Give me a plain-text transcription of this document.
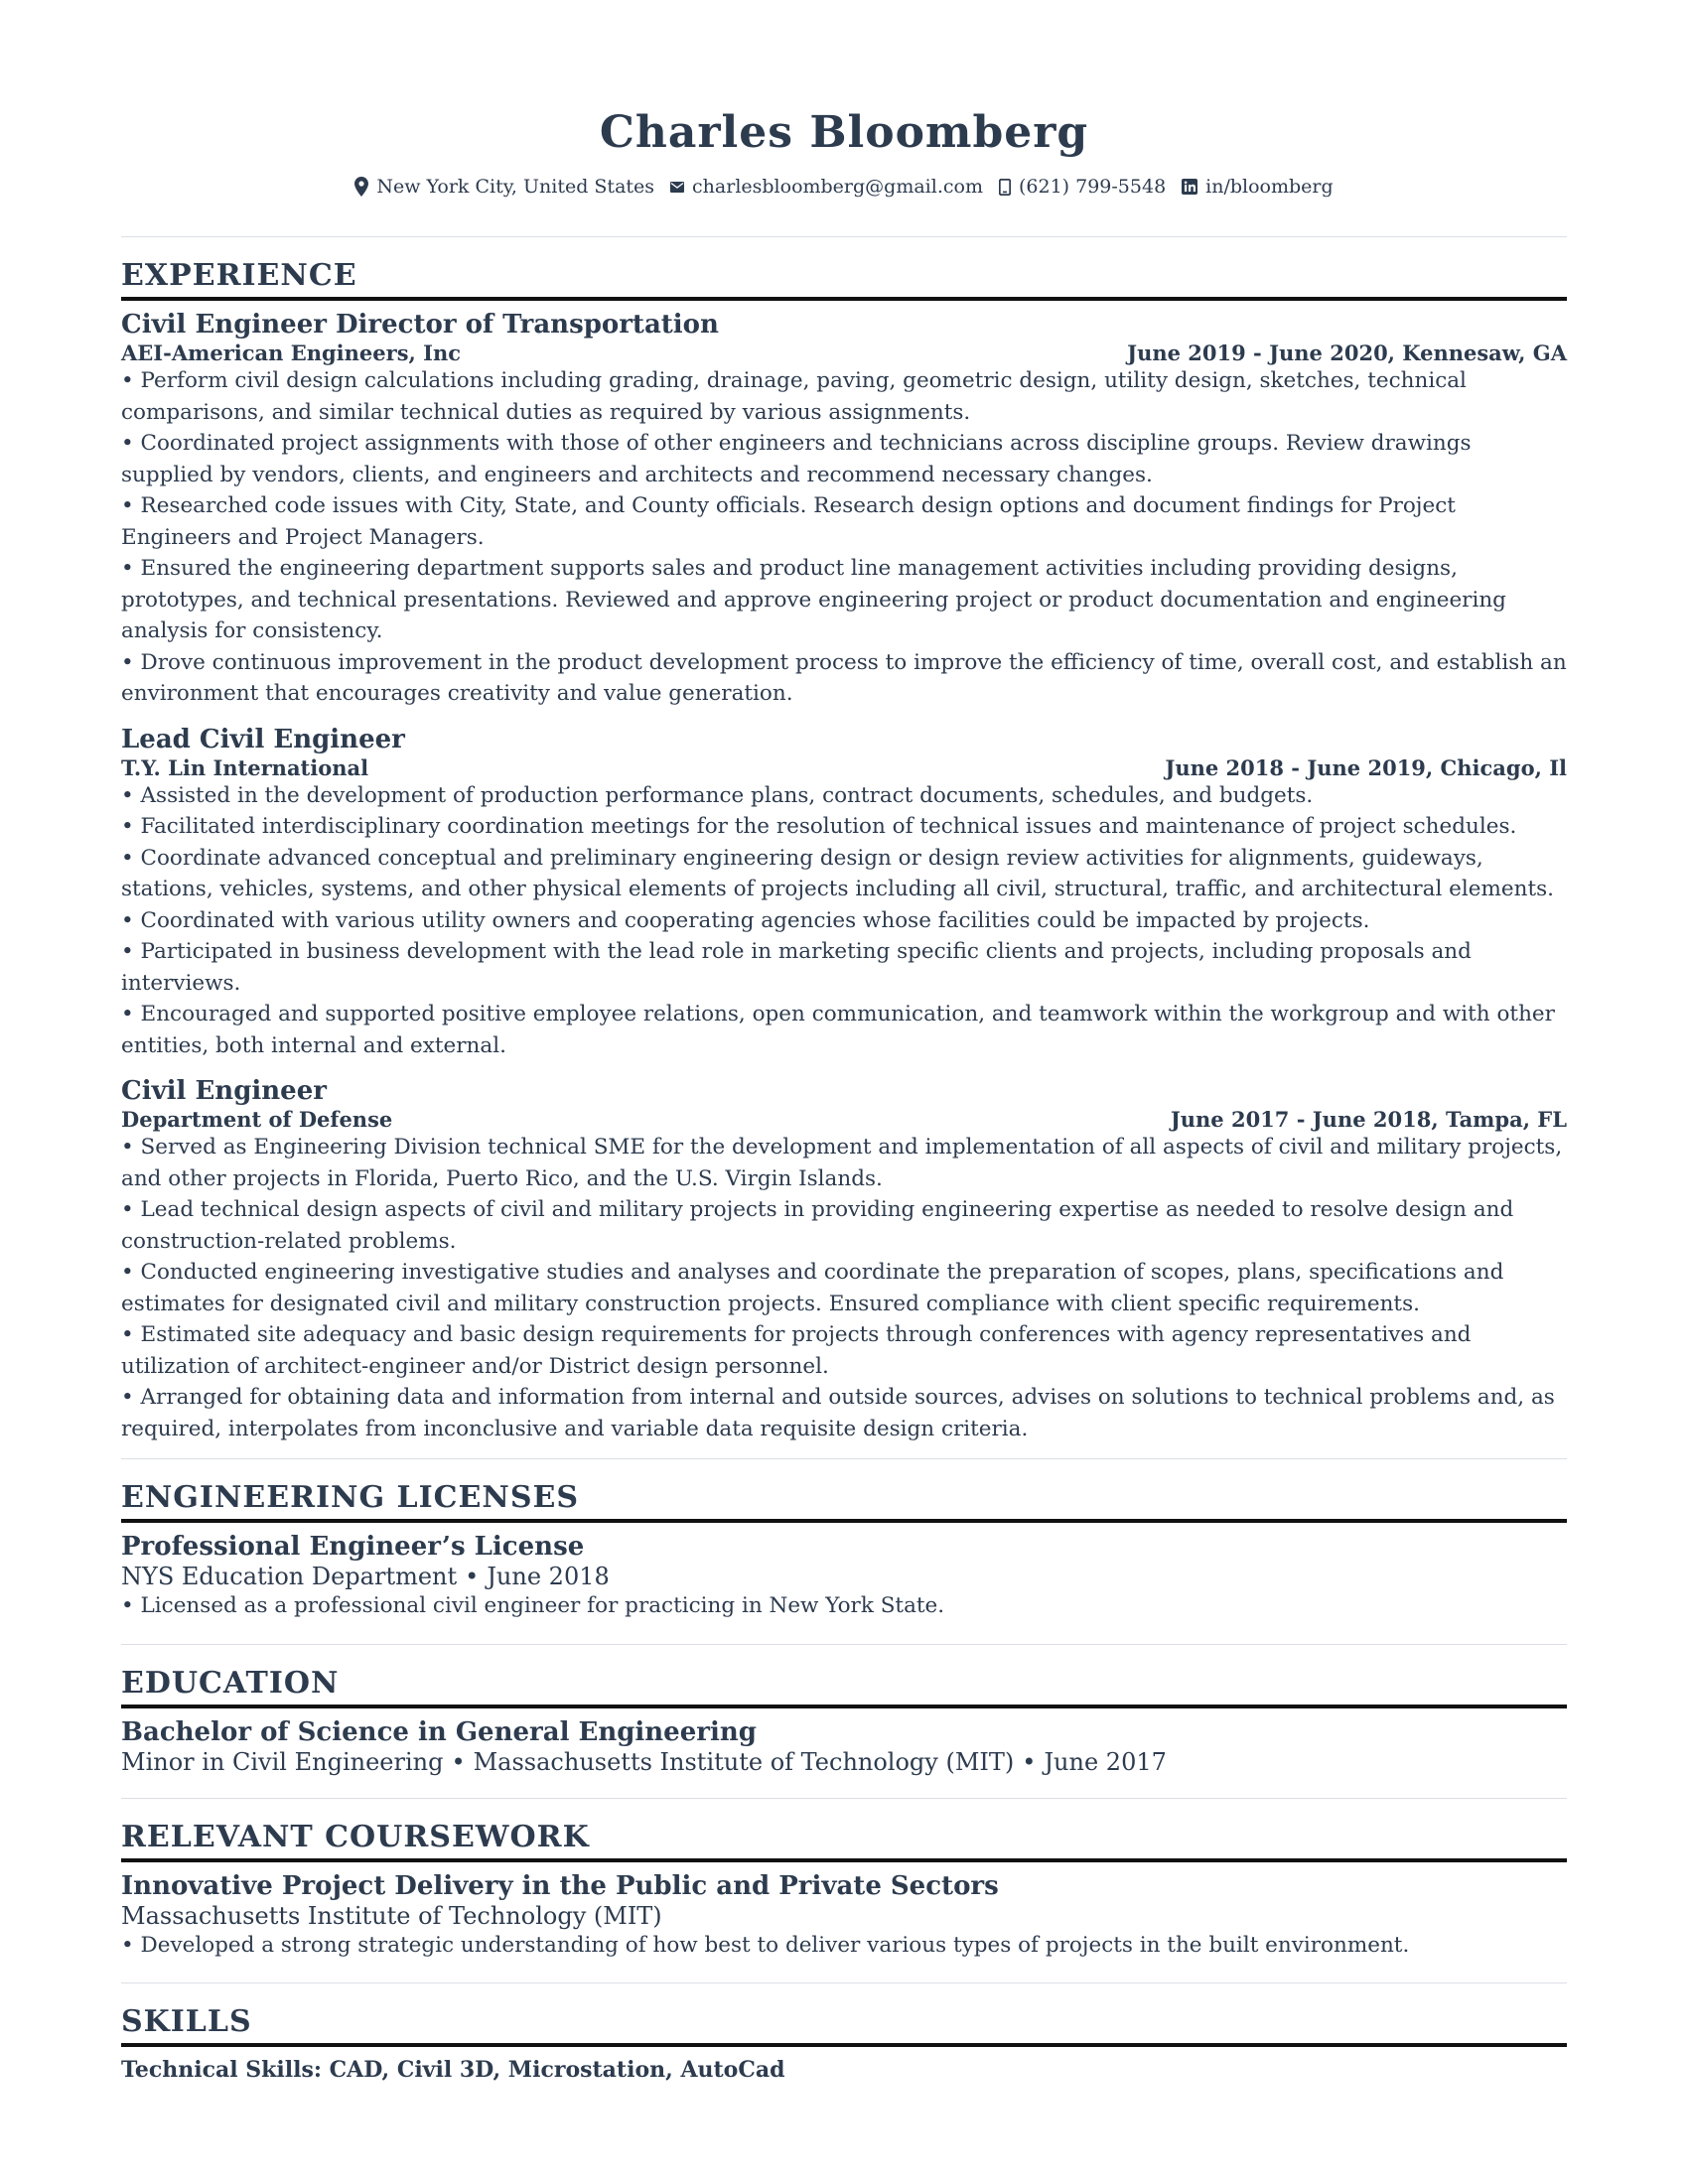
Charles Bloomberg
New York City, United States charlesbloomberg@gmail.com (621) 799-5548 in/bloomberg
EXPERIENCE
Civil Engineer Director of Transportation
AEI-American Engineers, Inc	June 2019 - June 2020, Kennesaw, GA
• Perform civil design calculations including grading, drainage, paving, geometric design, utility design, sketches, technical comparisons, and similar technical duties as required by various assignments.
• Coordinated project assignments with those of other engineers and technicians across discipline groups. Review drawings supplied by vendors, clients, and engineers and architects and recommend necessary changes.
• Researched code issues with City, State, and County officials. Research design options and document findings for Project Engineers and Project Managers.
• Ensured the engineering department supports sales and product line management activities including providing designs, prototypes, and technical presentations. Reviewed and approve engineering project or product documentation and engineering analysis for consistency.
• Drove continuous improvement in the product development process to improve the efficiency of time, overall cost, and establish an environment that encourages creativity and value generation.
Lead Civil Engineer
T.Y. Lin International	June 2018 - June 2019, Chicago, Il
• Assisted in the development of production performance plans, contract documents, schedules, and budgets.
• Facilitated interdisciplinary coordination meetings for the resolution of technical issues and maintenance of project schedules.
• Coordinate advanced conceptual and preliminary engineering design or design review activities for alignments, guideways, stations, vehicles, systems, and other physical elements of projects including all civil, structural, traffic, and architectural elements.
• Coordinated with various utility owners and cooperating agencies whose facilities could be impacted by projects.
• Participated in business development with the lead role in marketing specific clients and projects, including proposals and interviews.
• Encouraged and supported positive employee relations, open communication, and teamwork within the workgroup and with other entities, both internal and external.
Civil Engineer
Department of Defense	June 2017 - June 2018, Tampa, FL
• Served as Engineering Division technical SME for the development and implementation of all aspects of civil and military projects, and other projects in Florida, Puerto Rico, and the U.S. Virgin Islands.
• Lead technical design aspects of civil and military projects in providing engineering expertise as needed to resolve design and construction-related problems.
• Conducted engineering investigative studies and analyses and coordinate the preparation of scopes, plans, specifications and estimates for designated civil and military construction projects. Ensured compliance with client specific requirements.
• Estimated site adequacy and basic design requirements for projects through conferences with agency representatives and utilization of architect-engineer and/or District design personnel.
• Arranged for obtaining data and information from internal and outside sources, advises on solutions to technical problems and, as required, interpolates from inconclusive and variable data requisite design criteria.
ENGINEERING LICENSES
Professional Engineer’s License
NYS Education Department • June 2018
• Licensed as a professional civil engineer for practicing in New York State.
EDUCATION
Bachelor of Science in General Engineering
Minor in Civil Engineering • Massachusetts Institute of Technology (MIT) • June 2017
RELEVANT COURSEWORK
Innovative Project Delivery in the Public and Private Sectors
Massachusetts Institute of Technology (MIT)
• Developed a strong strategic understanding of how best to deliver various types of projects in the built environment.
SKILLS
Technical Skills: CAD, Civil 3D, Microstation, AutoCad
